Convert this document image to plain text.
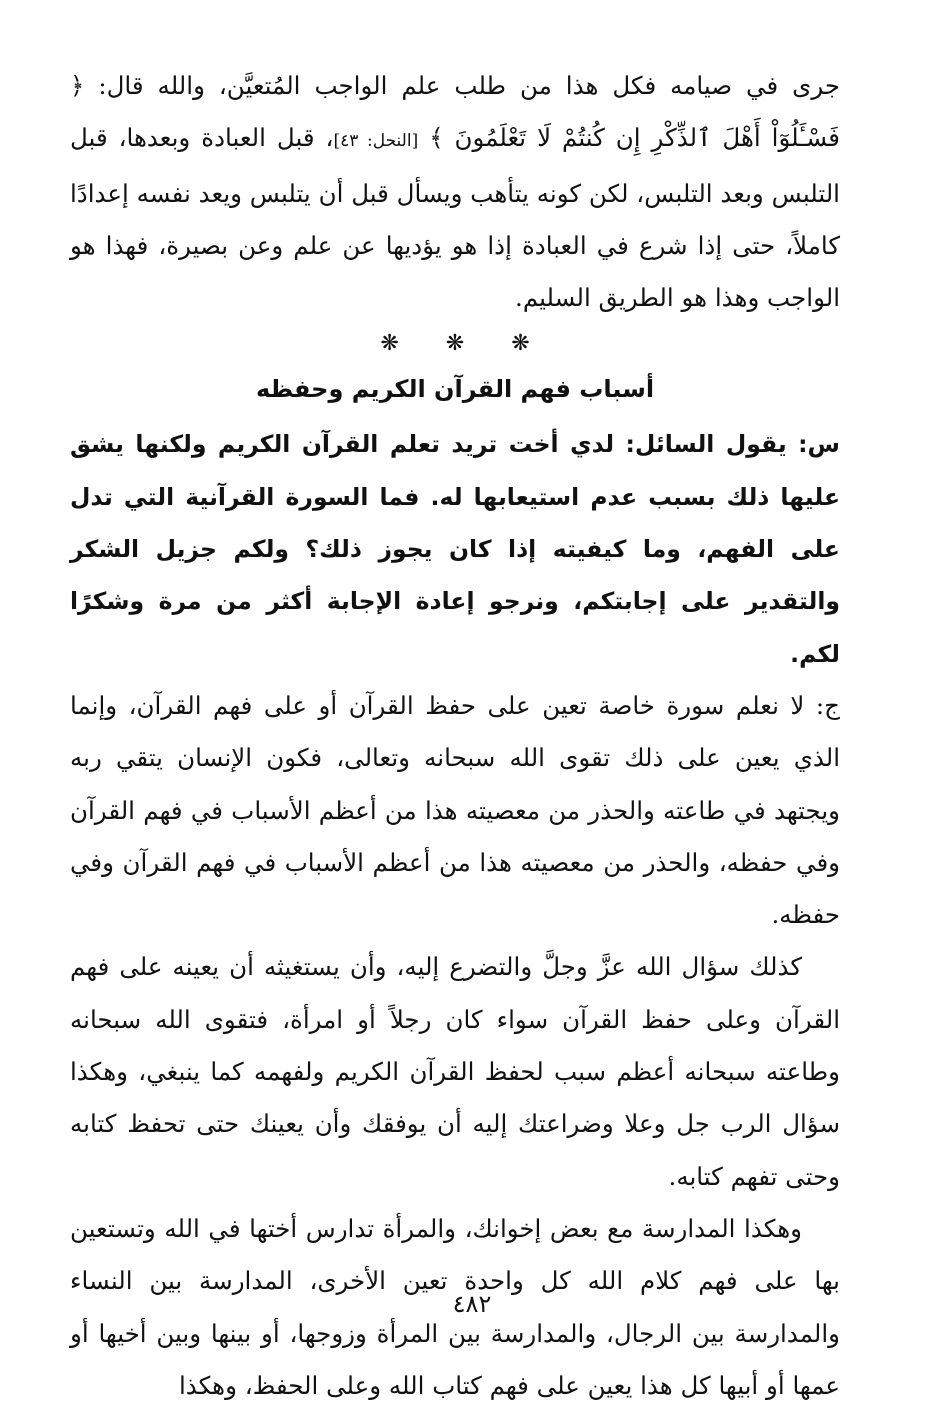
جرى في صيامه فكل هذا من طلب علم الواجب المُتعيَّن، والله قال: ﴿ فَسْـَٔلُوٓاْ أَهْلَ ٱلذِّكْرِ إِن كُنتُمْ لَا تَعْلَمُونَ ﴾ [النحل: ٤٣]، قبل العبادة وبعدها، قبل التلبس وبعد التلبس، لكن كونه يتأهب ويسأل قبل أن يتلبس ويعد نفسه إعدادًا كاملاً، حتى إذا شرع في العبادة إذا هو يؤديها عن علم وعن بصيرة، فهذا هو الواجب وهذا هو الطريق السليم.

❋ ❋ ❋
أسباب فهم القرآن الكريم وحفظه

س: يقول السائل: لدي أخت تريد تعلم القرآن الكريم ولكنها يشق عليها ذلك بسبب عدم استيعابها له. فما السورة القرآنية التي تدل على الفهم، وما كيفيته إذا كان يجوز ذلك؟ ولكم جزيل الشكر والتقدير على إجابتكم، ونرجو إعادة الإجابة أكثر من مرة وشكرًا لكم.

ج: لا نعلم سورة خاصة تعين على حفظ القرآن أو على فهم القرآن، وإنما الذي يعين على ذلك تقوى الله سبحانه وتعالى، فكون الإنسان يتقي ربه ويجتهد في طاعته والحذر من معصيته هذا من أعظم الأسباب في فهم القرآن وفي حفظه، والحذر من معصيته هذا من أعظم الأسباب في فهم القرآن وفي حفظه.

كذلك سؤال الله عزَّ وجلَّ والتضرع إليه، وأن يستغيثه أن يعينه على فهم القرآن وعلى حفظ القرآن سواء كان رجلاً أو امرأة، فتقوى الله سبحانه وطاعته سبحانه أعظم سبب لحفظ القرآن الكريم ولفهمه كما ينبغي، وهكذا سؤال الرب جل وعلا وضراعتك إليه أن يوفقك وأن يعينك حتى تحفظ كتابه وحتى تفهم كتابه.

وهكذا المدارسة مع بعض إخوانك، والمرأة تدارس أختها في الله وتستعين بها على فهم كلام الله كل واحدة تعين الأخرى، المدارسة بين النساء والمدارسة بين الرجال، والمدارسة بين المرأة وزوجها، أو بينها وبين أخيها أو عمها أو أبيها كل هذا يعين على فهم كتاب الله وعلى الحفظ، وهكذا

٤٨٢
